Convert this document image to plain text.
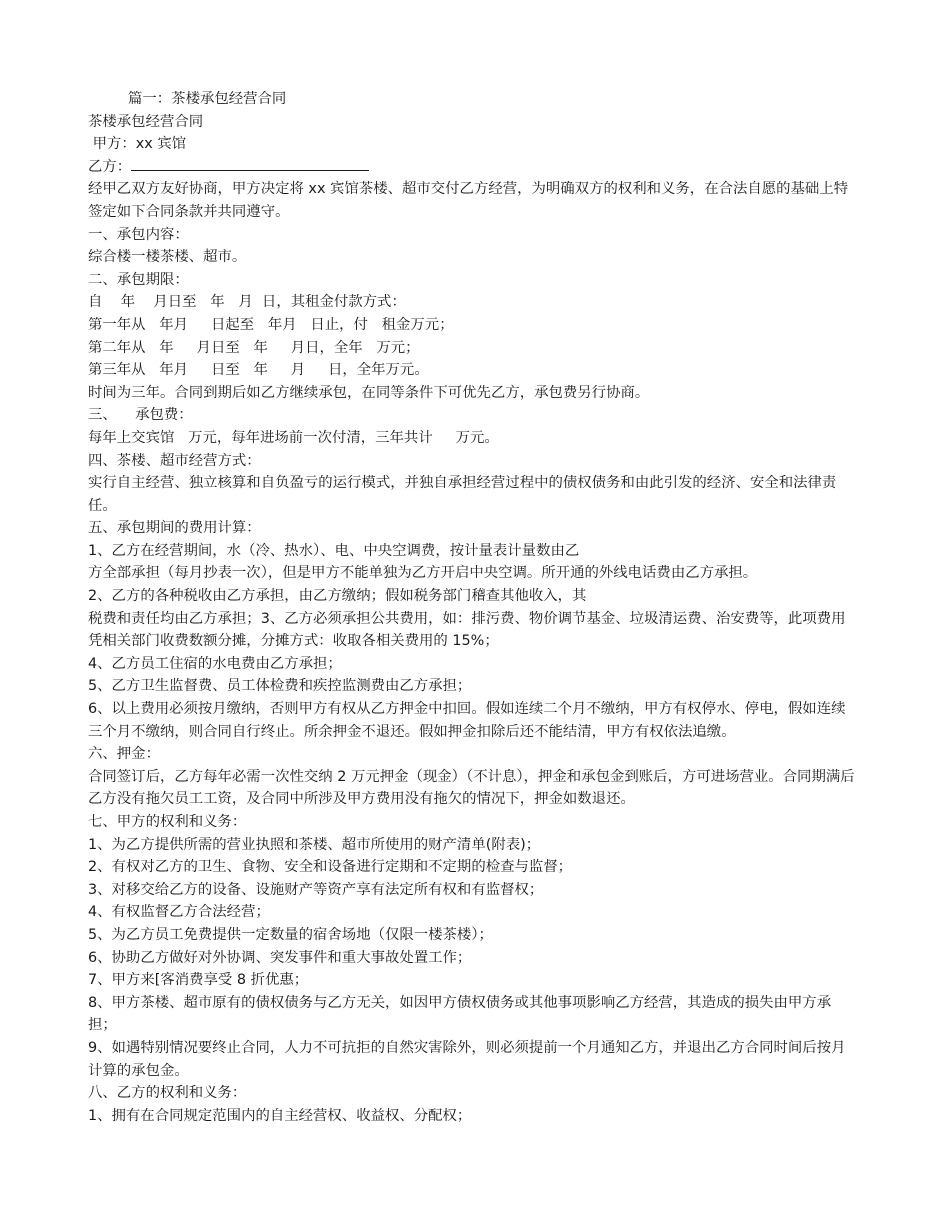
篇一：茶楼承包经营合同
茶楼承包经营合同
甲方：xx 宾馆
乙方：
经甲乙双方友好协商，甲方决定将 xx 宾馆茶楼、超市交付乙方经营，为明确双方的权利和义务，在合法自愿的基础上特签定如下合同条款并共同遵守。
一、承包内容：
综合楼一楼茶楼、超市。
二、承包期限：
自    年    月日至   年   月  日，其租金付款方式：
第一年从   年月     日起至   年月   日止，付   租金万元；
第二年从   年     月日至   年     月日，全年   万元；
第三年从   年月     日至   年     月     日，全年万元。
时间为三年。合同到期后如乙方继续承包，在同等条件下可优先乙方，承包费另行协商。
三、    承包费：
每年上交宾馆   万元，每年进场前一次付清，三年共计     万元。
四、茶楼、超市经营方式：
实行自主经营、独立核算和自负盈亏的运行模式，并独自承担经营过程中的债权债务和由此引发的经济、安全和法律责任。
五、承包期间的费用计算：
1、乙方在经营期间，水（冷、热水）、电、中央空调费，按计量表计量数由乙
方全部承担（每月抄表一次），但是甲方不能单独为乙方开启中央空调。所开通的外线电话费由乙方承担。
2、乙方的各种税收由乙方承担，由乙方缴纳；假如税务部门稽查其他收入，其
税费和责任均由乙方承担；3、乙方必须承担公共费用，如：排污费、物价调节基金、垃圾清运费、治安费等，此项费用凭相关部门收费数额分摊，分摊方式：收取各相关费用的 15%；
4、乙方员工住宿的水电费由乙方承担；
5、乙方卫生监督费、员工体检费和疾控监测费由乙方承担；
6、以上费用必须按月缴纳，否则甲方有权从乙方押金中扣回。假如连续二个月不缴纳，甲方有权停水、停电，假如连续三个月不缴纳，则合同自行终止。所余押金不退还。假如押金扣除后还不能结清，甲方有权依法追缴。
六、押金：
合同签订后，乙方每年必需一次性交纳 2 万元押金（现金）（不计息），押金和承包金到账后，方可进场营业。合同期满后乙方没有拖欠员工工资，及合同中所涉及甲方费用没有拖欠的情况下，押金如数退还。
七、甲方的权利和义务：
1、为乙方提供所需的营业执照和茶楼、超市所使用的财产清单(附表)；
2、有权对乙方的卫生、食物、安全和设备进行定期和不定期的检查与监督；
3、对移交给乙方的设备、设施财产等资产享有法定所有权和有监督权；
4、有权监督乙方合法经营；
5、为乙方员工免费提供一定数量的宿舍场地（仅限一楼茶楼）；
6、协助乙方做好对外协调、突发事件和重大事故处置工作；
7、甲方来[客消费享受 8 折优惠；
8、甲方茶楼、超市原有的债权债务与乙方无关，如因甲方债权债务或其他事项影响乙方经营，其造成的损失由甲方承担；
9、如遇特别情况要终止合同，人力不可抗拒的自然灾害除外，则必须提前一个月通知乙方，并退出乙方合同时间后按月计算的承包金。
八、乙方的权利和义务：
1、拥有在合同规定范围内的自主经营权、收益权、分配权；
